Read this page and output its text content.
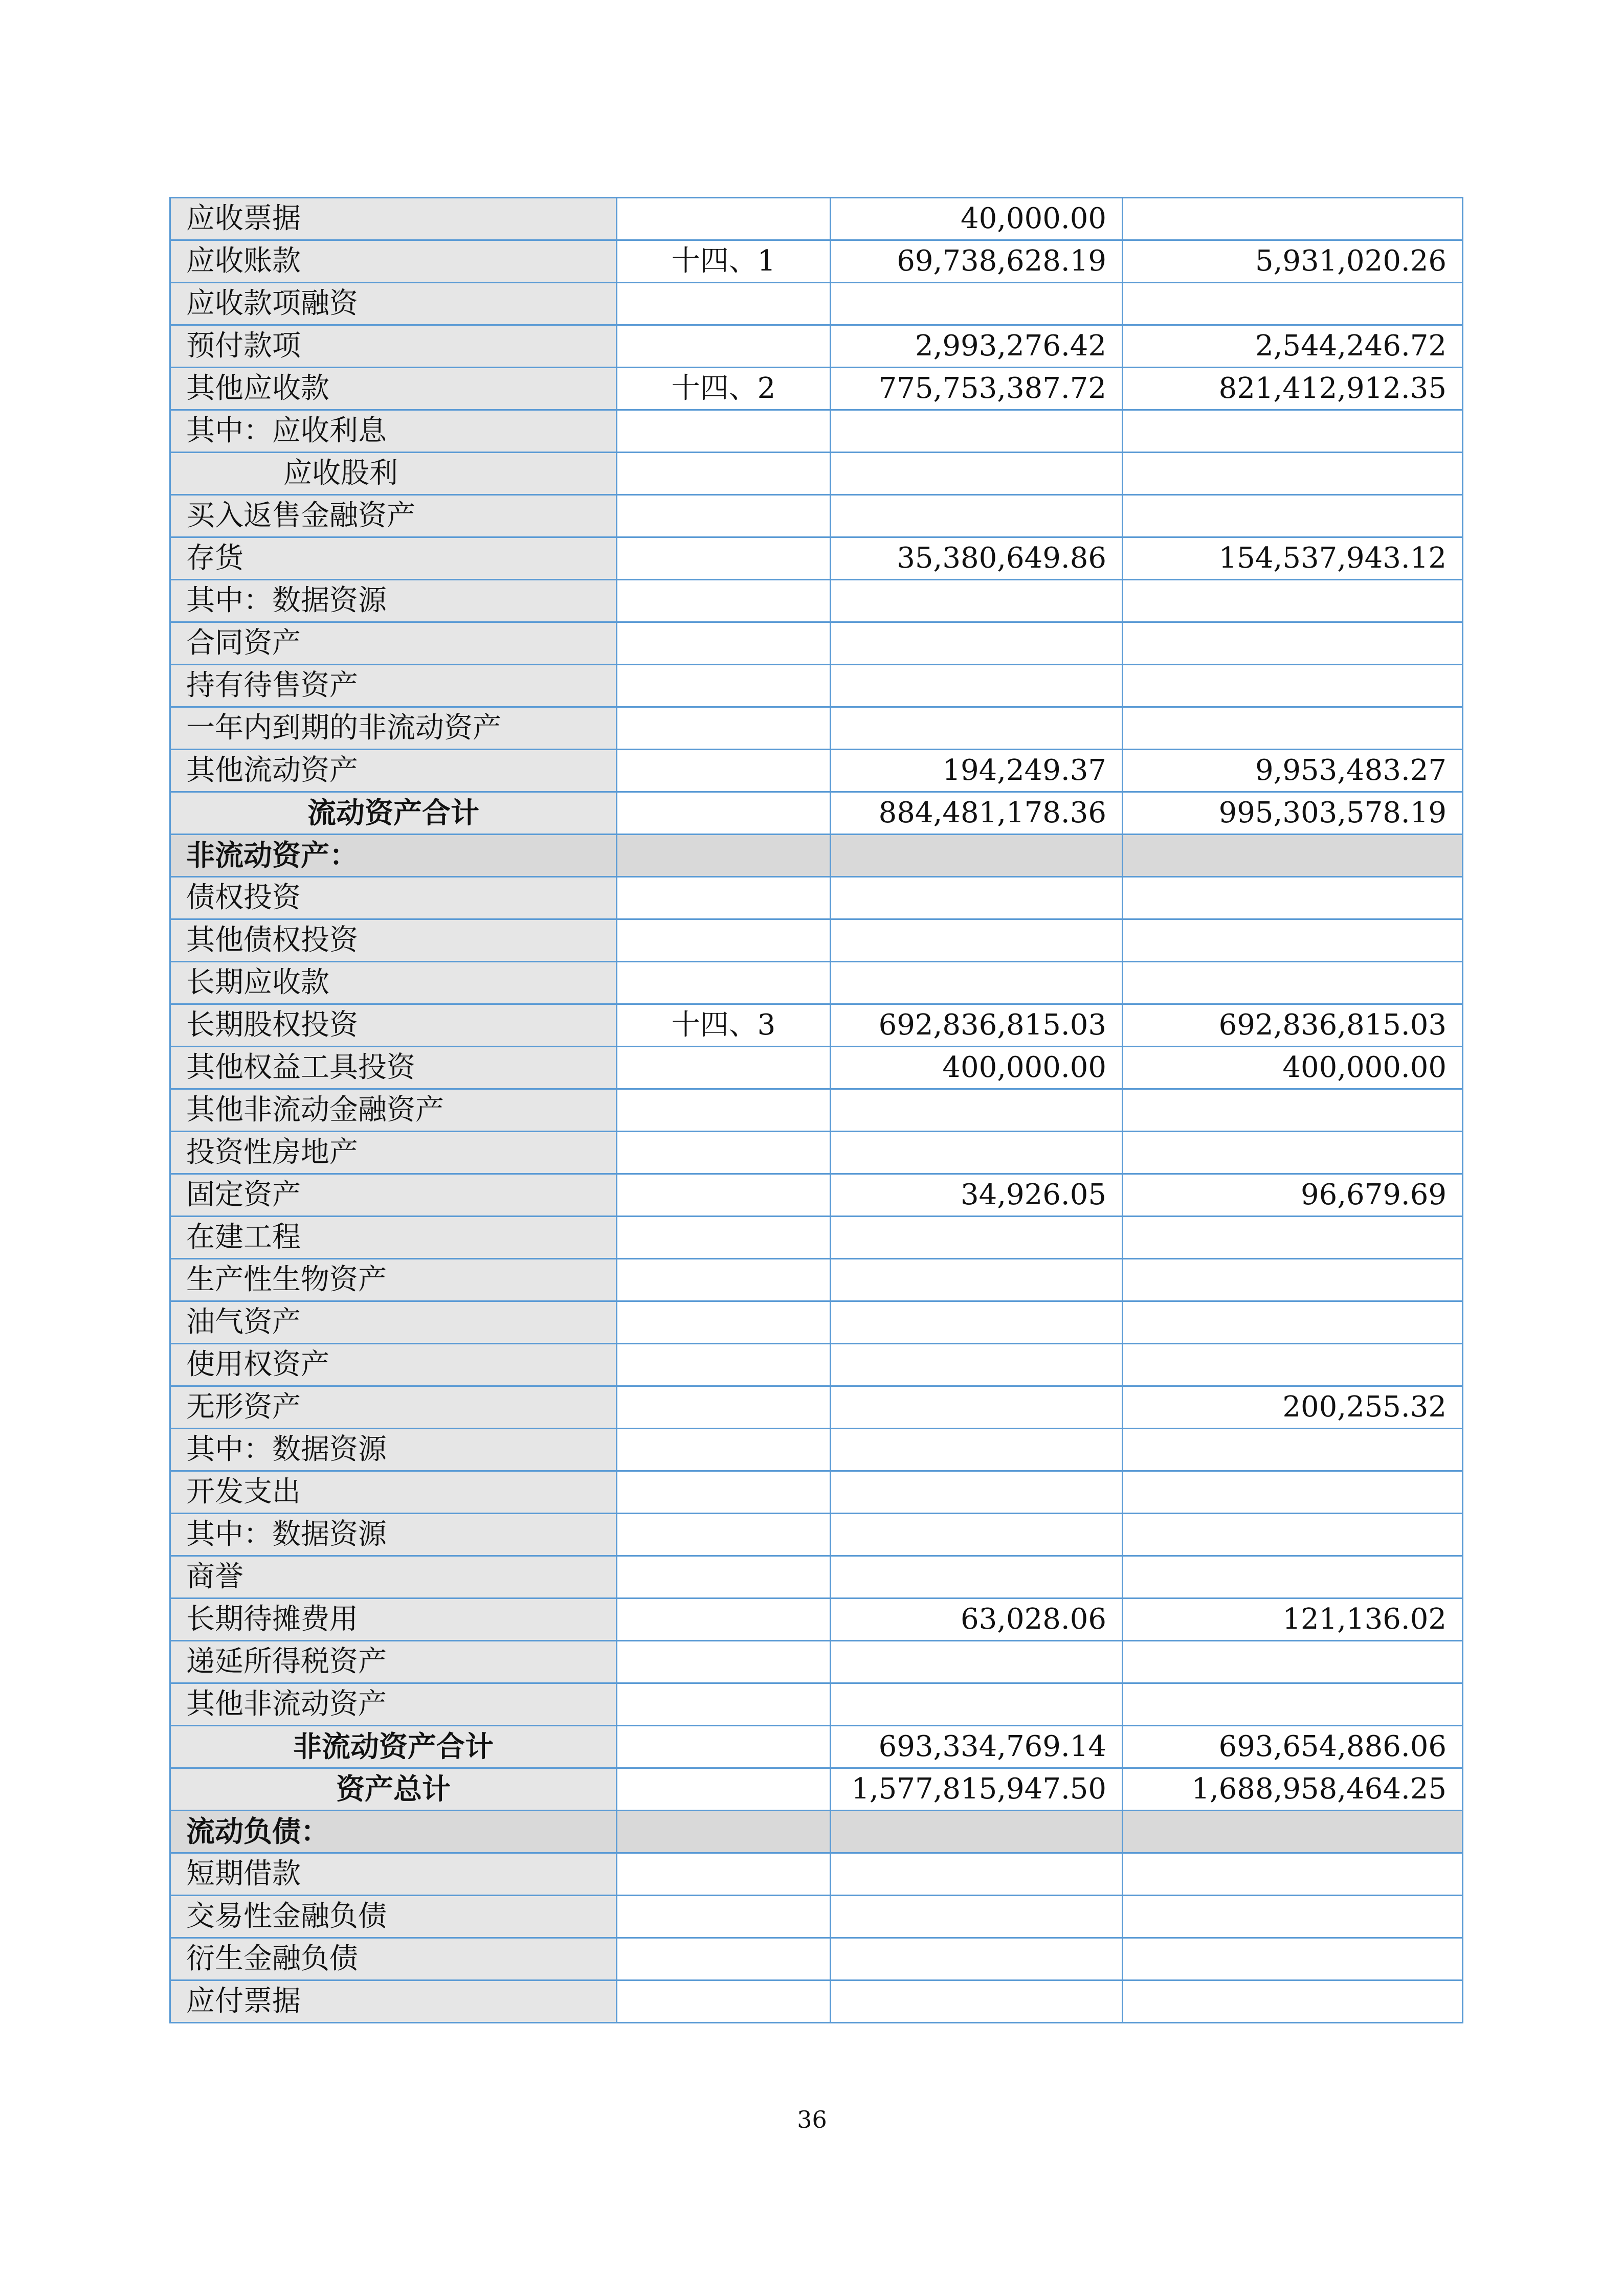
应收票据		40,000.00	
应收账款	十四、1	69,738,628.19	5,931,020.26
应收款项融资			
预付款项		2,993,276.42	2,544,246.72
其他应收款	十四、2	775,753,387.72	821,412,912.35
其中：应收利息			
应收股利			
买入返售金融资产			
存货		35,380,649.86	154,537,943.12
其中：数据资源			
合同资产			
持有待售资产			
一年内到期的非流动资产			
其他流动资产		194,249.37	9,953,483.27
流动资产合计		884,481,178.36	995,303,578.19
非流动资产：			
债权投资			
其他债权投资			
长期应收款			
长期股权投资	十四、3	692,836,815.03	692,836,815.03
其他权益工具投资		400,000.00	400,000.00
其他非流动金融资产			
投资性房地产			
固定资产		34,926.05	96,679.69
在建工程			
生产性生物资产			
油气资产			
使用权资产			
无形资产			200,255.32
其中：数据资源			
开发支出			
其中：数据资源			
商誉			
长期待摊费用		63,028.06	121,136.02
递延所得税资产			
其他非流动资产			
非流动资产合计		693,334,769.14	693,654,886.06
资产总计		1,577,815,947.50	1,688,958,464.25
流动负债：			
短期借款			
交易性金融负债			
衍生金融负债			
应付票据			
36
